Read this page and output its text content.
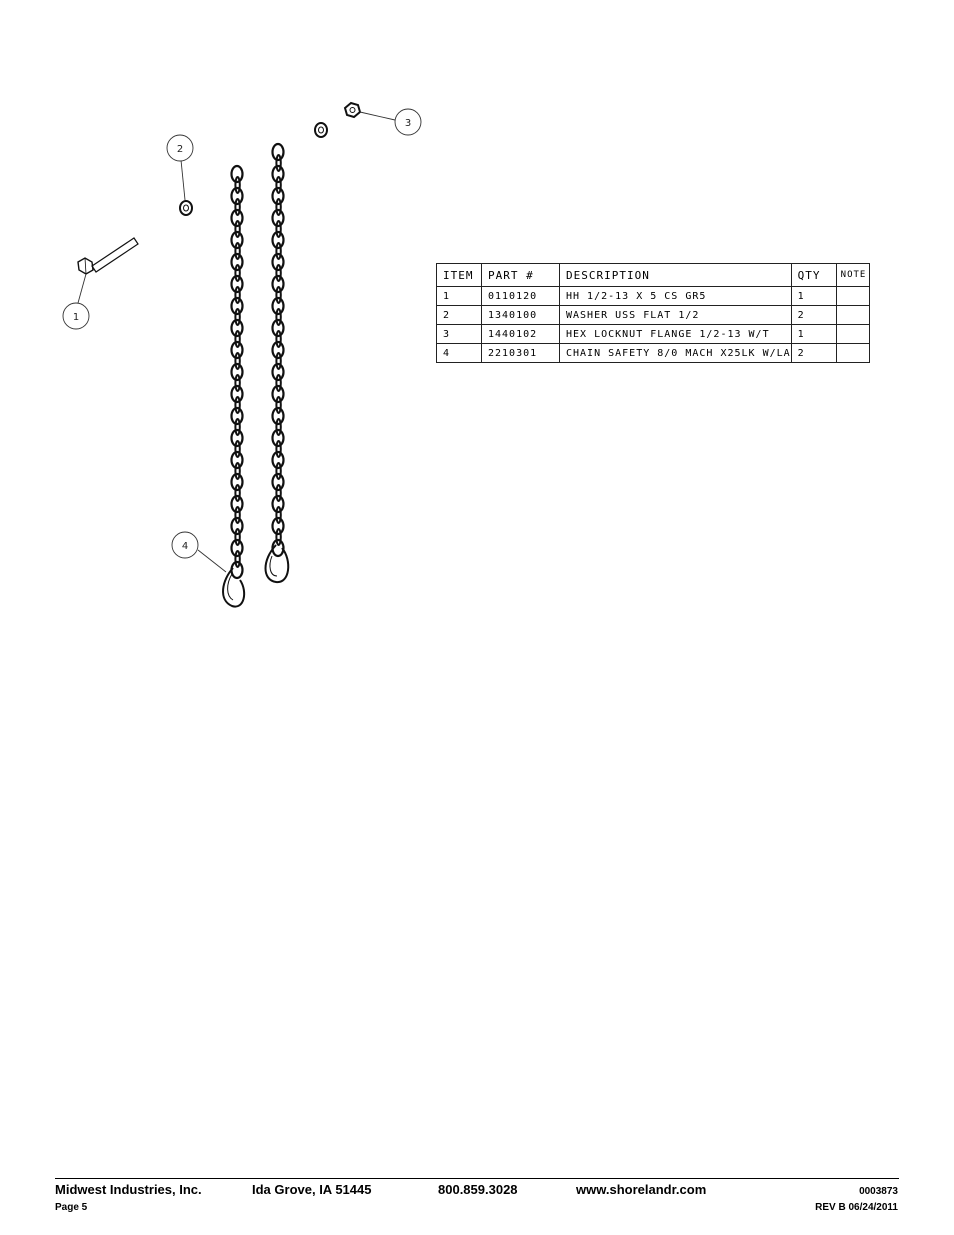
1
2
3
4
ITEM	PART #	DESCRIPTION	QTY	NOTE
1	0110120	HH 1/2-13 X 5 CS GR5	1	
2	1340100	WASHER USS FLAT 1/2	2	
3	1440102	HEX LOCKNUT FLANGE 1/2-13 W/T	1	
4	2210301	CHAIN SAFETY 8/0 MACH X25LK W/LA	2	
Midwest Industries, Inc.	Ida Grove, IA 51445	800.859.3028	www.shorelandr.com	0003873
Page 5	REV B 06/24/2011
